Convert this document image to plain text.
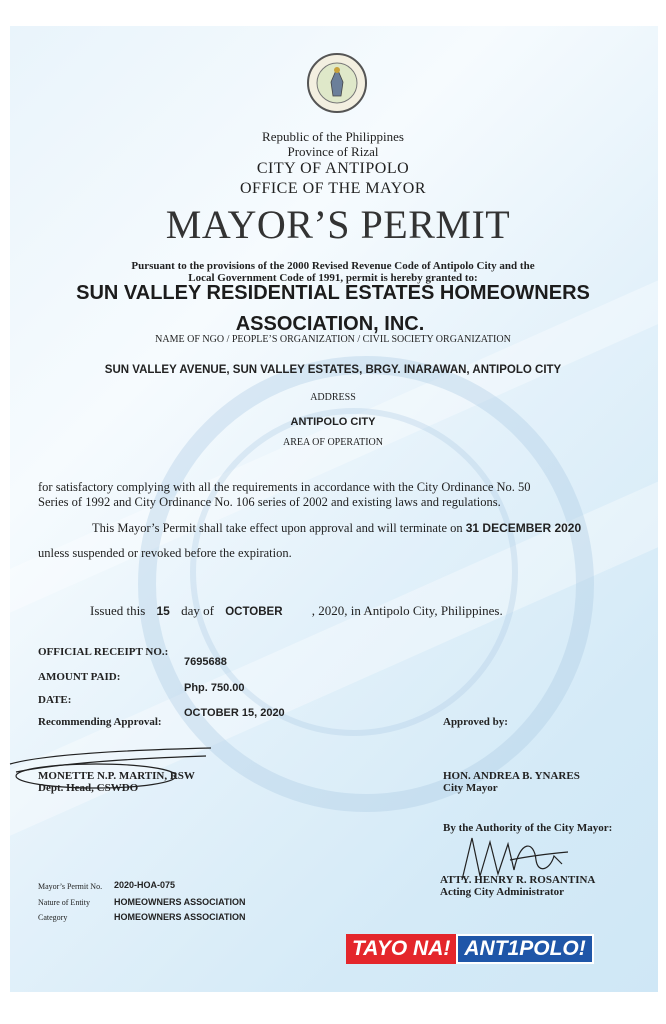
Republic of the Philippines
Province of Rizal
CITY OF ANTIPOLO
OFFICE OF THE MAYOR
MAYOR’S PERMIT
Pursuant to the provisions of the 2000 Revised Revenue Code of Antipolo City and the
Local Government Code of 1991, permit is hereby granted to:
SUN VALLEY RESIDENTIAL ESTATES HOMEOWNERS
ASSOCIATION, INC.
NAME OF NGO / PEOPLE’S ORGANIZATION / CIVIL SOCIETY ORGANIZATION
SUN VALLEY AVENUE, SUN VALLEY ESTATES, BRGY. INARAWAN, ANTIPOLO CITY
ADDRESS
ANTIPOLO CITY
AREA OF OPERATION
for satisfactory complying with all the requirements in accordance with the City Ordinance No. 50
Series of 1992 and City Ordinance No. 106 series of 2002 and existing laws and regulations.
This Mayor’s Permit shall take effect upon approval and will terminate on 31 DECEMBER 2020
unless suspended or revoked before the expiration.
Issued this 15 day of OCTOBER , 2020, in Antipolo City, Philippines.
OFFICIAL RECEIPT NO.:
7695688
AMOUNT PAID:
Php. 750.00
DATE:
OCTOBER 15, 2020
Recommending Approval:	Approved by:
MONETTE N.P. MARTIN, RSW
Dept. Head, CSWDO
HON. ANDREA B. YNARES
City Mayor
By the Authority of the City Mayor:
ATTY. HENRY R. ROSANTINA
Acting City Administrator
Mayor’s Permit No. 2020-HOA-075
Nature of Entity	HOMEOWNERS ASSOCIATION
Category	HOMEOWNERS ASSOCIATION
TAYO NA! ANT1POLO!
